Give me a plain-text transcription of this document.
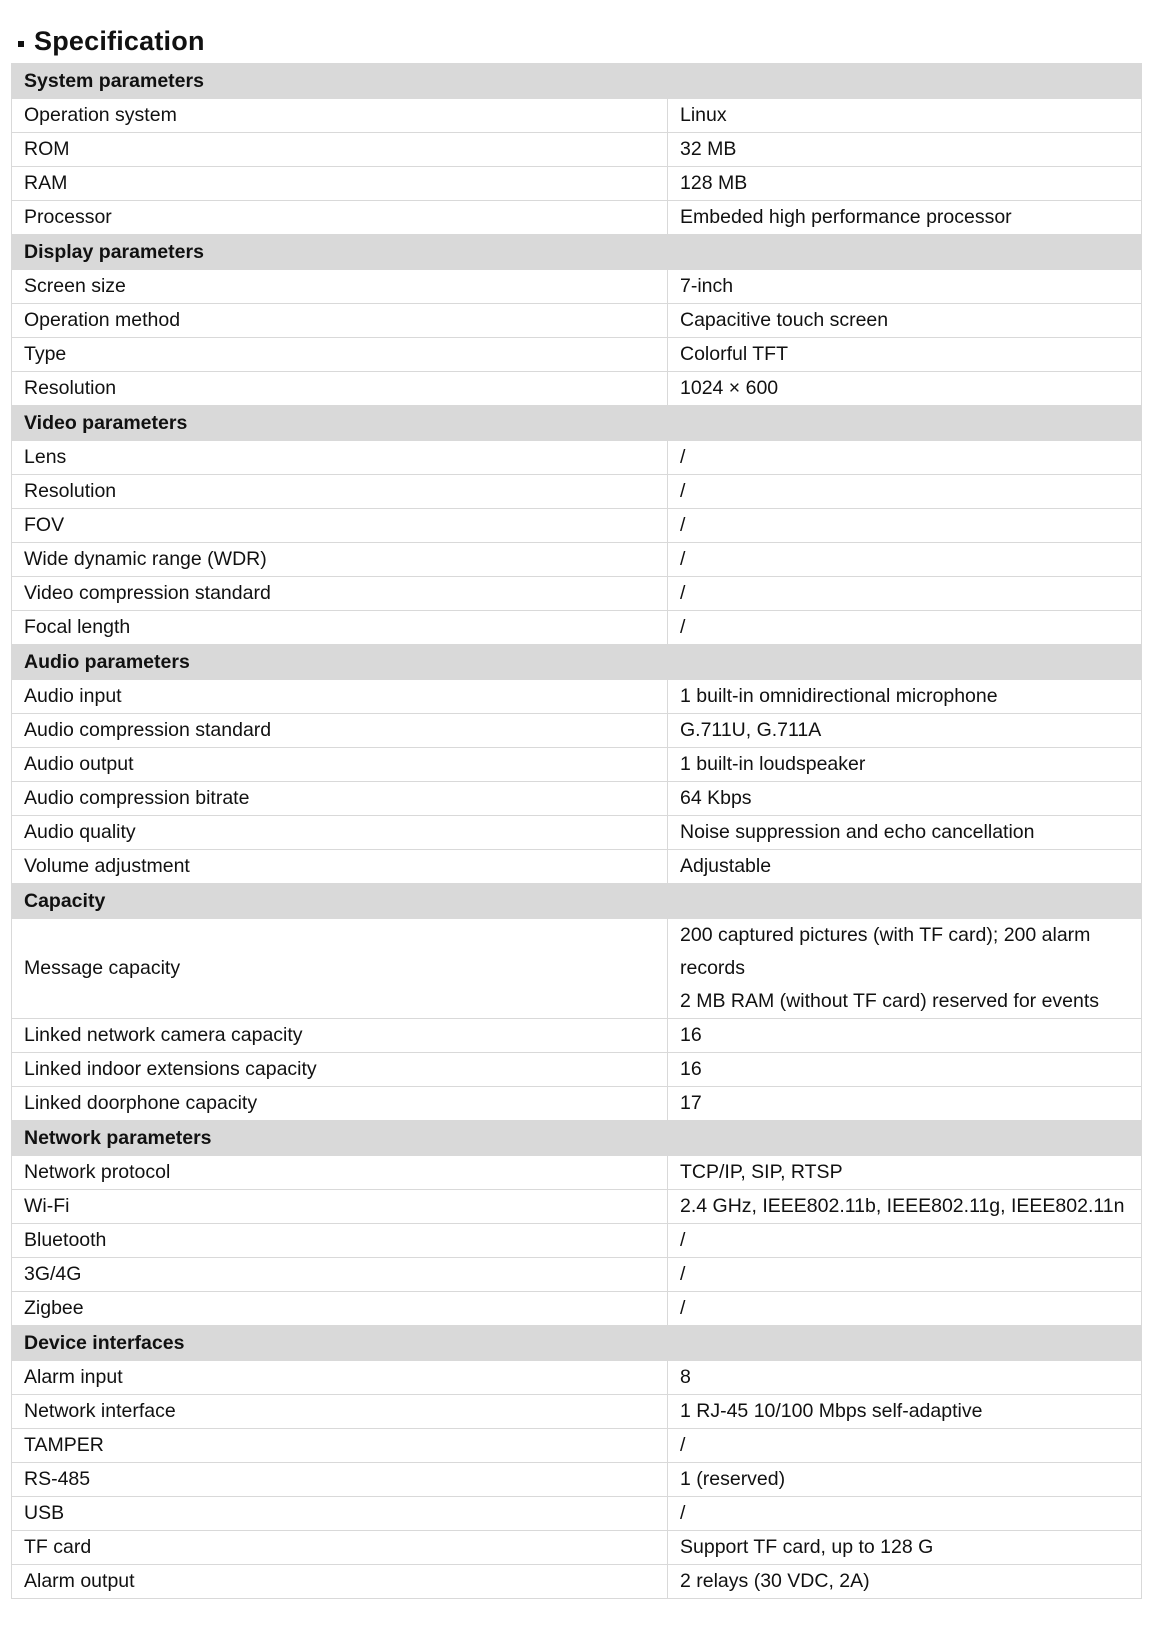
Specification
System parameters	
Operation system	Linux
ROM	32 MB
RAM	128 MB
Processor	Embeded high performance processor
Display parameters	
Screen size	7-inch
Operation method	Capacitive touch screen
Type	Colorful TFT
Resolution	1024 × 600
Video parameters	
Lens	/
Resolution	/
FOV	/
Wide dynamic range (WDR)	/
Video compression standard	/
Focal length	/
Audio parameters	
Audio input	1 built-in omnidirectional microphone
Audio compression standard	G.711U, G.711A
Audio output	1 built-in loudspeaker
Audio compression bitrate	64 Kbps
Audio quality	Noise suppression and echo cancellation
Volume adjustment	Adjustable
Capacity	
Message capacity	200 captured pictures (with TF card); 200 alarm
records
2 MB RAM (without TF card) reserved for events

Linked network camera capacity	16
Linked indoor extensions capacity	16
Linked doorphone capacity	17
Network parameters	
Network protocol	TCP/IP, SIP, RTSP
Wi-Fi	2.4 GHz, IEEE802.11b, IEEE802.11g, IEEE802.11n
Bluetooth	/
3G/4G	/
Zigbee	/
Device interfaces	
Alarm input	8
Network interface	1 RJ-45 10/100 Mbps self-adaptive
TAMPER	/
RS-485	1 (reserved)
USB	/
TF card	Support TF card, up to 128 G
Alarm output	2 relays (30 VDC, 2A)
